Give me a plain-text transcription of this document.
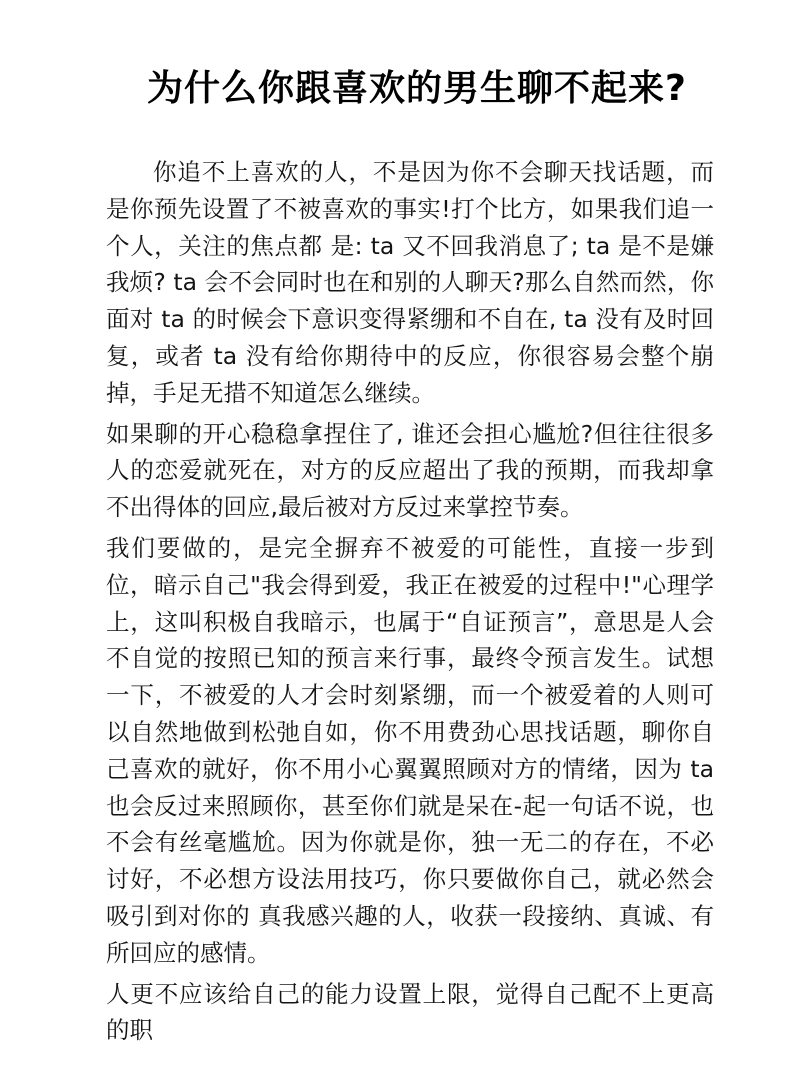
为什么你跟喜欢的男生聊不起来?

你追不上喜欢的人，不是因为你不会聊天找话题，而是你预先设置了不被喜欢的事实!打个比方，如果我们追一个人，关注的焦点都 是: ta 又不回我消息了; ta 是不是嫌我烦? ta 会不会同时也在和别的人聊天?那么自然而然，你面对 ta 的时候会下意识变得紧绷和不自在, ta 没有及时回复，或者 ta 没有给你期待中的反应，你很容易会整个崩掉，手足无措不知道怎么继续。

如果聊的开心稳稳拿捏住了, 谁还会担心尴尬?但往往很多人的恋爱就死在，对方的反应超出了我的预期，而我却拿不出得体的回应,最后被对方反过来掌控节奏。

我们要做的，是完全摒弃不被爱的可能性，直接一步到位，暗示自己"我会得到爱，我正在被爱的过程中!"心理学上，这叫积极自我暗示，也属于“自证预言”，意思是人会不自觉的按照已知的预言来行事，最终令预言发生。试想一下，不被爱的人才会时刻紧绷，而一个被爱着的人则可以自然地做到松弛自如，你不用费劲心思找话题，聊你自己喜欢的就好，你不用小心翼翼照顾对方的情绪，因为 ta 也会反过来照顾你，甚至你们就是呆在-起一句话不说，也不会有丝毫尴尬。因为你就是你，独一无二的存在，不必讨好，不必想方设法用技巧，你只要做你自己，就必然会吸引到对你的 真我感兴趣的人，收获一段接纳、真诚、有所回应的感情。

人更不应该给自己的能力设置上限，觉得自己配不上更高的职
